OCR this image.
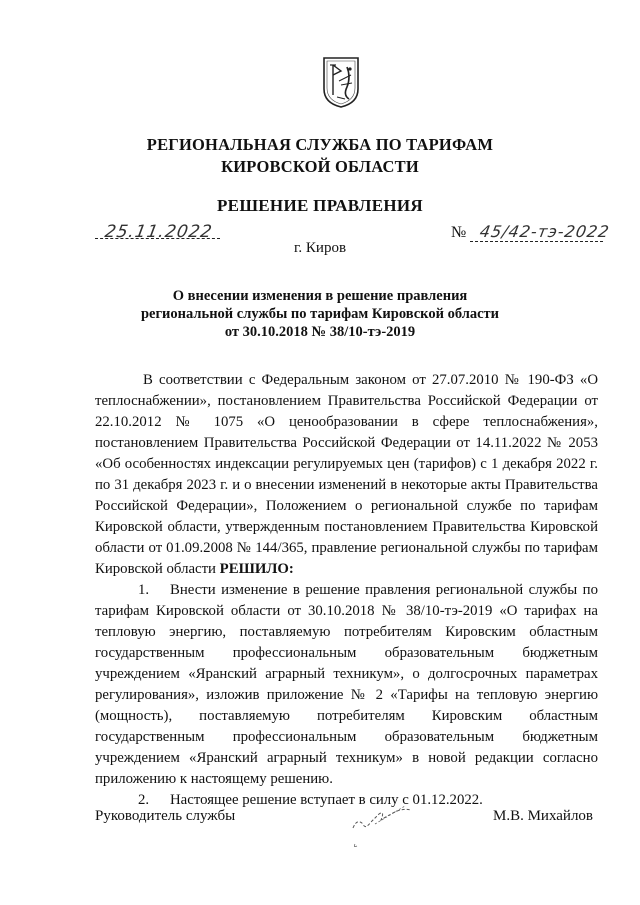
РЕГИОНАЛЬНАЯ СЛУЖБА ПО ТАРИФАМ
КИРОВСКОЙ ОБЛАСТИ
РЕШЕНИЕ ПРАВЛЕНИЯ
25.11.2022	№ 45/42-тэ-2022
г. Киров
О внесении изменения в решение правления
региональной службы по тарифам Кировской области
от 30.10.2018 № 38/10-тэ-2019

В соответствии с Федеральным законом от 27.07.2010 № 190-ФЗ «О теплоснабжении», постановлением Правительства Российской Федерации от 22.10.2012 № 1075 «О ценообразовании в сфере теплоснабжения», постановлением Правительства Российской Федерации от 14.11.2022 № 2053 «Об особенностях индексации регулируемых цен (тарифов) с 1 декабря 2022 г. по 31 декабря 2023 г. и о внесении изменений в некоторые акты Правительства Российской Федерации», Положением о региональной службе по тарифам Кировской области, утвержденным постановлением Правительства Кировской области от 01.09.2008 № 144/365, правление региональной службы по тарифам Кировской области РЕШИЛО:

1. Внести изменение в решение правления региональной службы по тарифам Кировской области от 30.10.2018 № 38/10-тэ-2019 «О тарифах на тепловую энергию, поставляемую потребителям Кировским областным государственным профессиональным образовательным бюджетным учреждением «Яранский аграрный техникум», о долгосрочных параметрах регулирования», изложив приложение № 2 «Тарифы на тепловую энергию (мощность), поставляемую потребителям Кировским областным государственным профессиональным образовательным бюджетным учреждением «Яранский аграрный техникум» в новой редакции согласно приложению к настоящему решению.

2. Настоящее решение вступает в силу с 01.12.2022.

Руководитель службы	М.В. Михайлов
